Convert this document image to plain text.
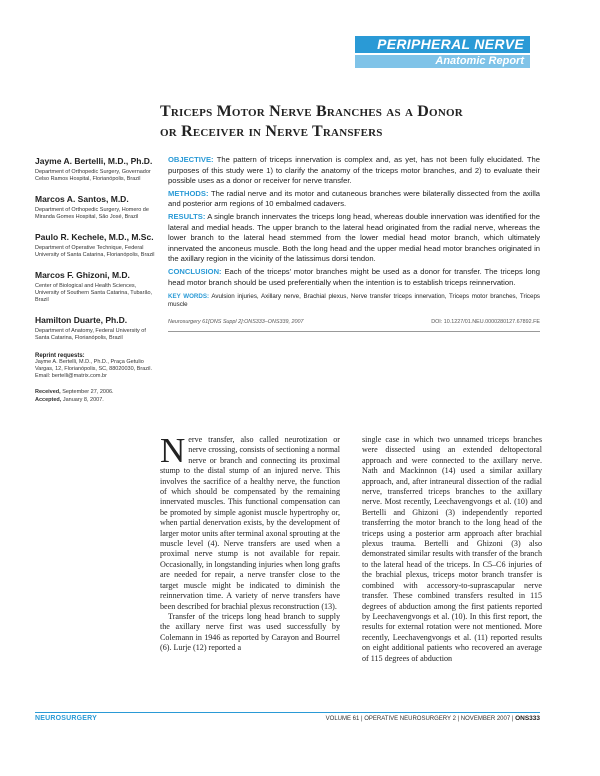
PERIPHERAL NERVE
Anatomic Report
Triceps Motor Nerve Branches as a Donor
or Receiver in Nerve Transfers
Jayme A. Bertelli, M.D., Ph.D.
Department of Orthopedic Surgery, Governador Celso Ramos Hospital, Florianópolis, Brazil
Marcos A. Santos, M.D.
Department of Orthopedic Surgery, Homero de Miranda Gomes Hospital, São José, Brazil
Paulo R. Kechele, M.D., M.Sc.
Department of Operative Technique, Federal University of Santa Catarina, Florianópolis, Brazil
Marcos F. Ghizoni, M.D.
Center of Biological and Health Sciences, University of Southern Santa Catarina, Tubarão, Brazil
Hamilton Duarte, Ph.D.
Department of Anatomy, Federal University of Santa Catarina, Florianópolis, Brazil
Reprint requests:
Jayme A. Bertelli, M.D., Ph.D., Praça Getulio Vargas, 12, Florianópolis, SC, 88020030, Brazil. Email: bertelli@matrix.com.br
Received, September 27, 2006.
Accepted, January 8, 2007.

OBJECTIVE: The pattern of triceps innervation is complex and, as yet, has not been fully elucidated. The purposes of this study were 1) to clarify the anatomy of the triceps motor branches, and 2) to evaluate their possible uses as a donor or receiver for nerve transfer.

METHODS: The radial nerve and its motor and cutaneous branches were bilaterally dissected from the axilla and posterior arm regions of 10 embalmed cadavers.

RESULTS: A single branch innervates the triceps long head, whereas double innervation was identified for the lateral and medial heads. The upper branch to the lateral head originated from the radial nerve, whereas the lower branch to the lateral head stemmed from the lower medial head motor branch, which ultimately innervated the anconeus muscle. Both the long head and the upper medial head motor branches originated in the axillary region in the vicinity of the latissimus dorsi tendon.

CONCLUSION: Each of the triceps' motor branches might be used as a donor for transfer. The triceps long head motor branch should be used preferentially when the intention is to establish triceps reinnervation.

KEY WORDS: Avulsion injuries, Axillary nerve, Brachial plexus, Nerve transfer triceps innervation, Triceps motor branches, Triceps muscle

Neurosurgery 61[ONS Suppl 2]:ONS333–ONS339, 2007	DOI: 10.1227/01.NEU.0000280127.67892.FE

Nerve transfer, also called neurotization or nerve crossing, consists of sectioning a normal nerve or branch and connecting its proximal stump to the distal stump of an injured nerve. This involves the sacrifice of a healthy nerve, the function of which should be compensated by the remaining innervated muscles. This functional compensation can be promoted by simple agonist muscle hypertrophy or, when partial denervation exists, by the development of larger motor units after terminal axonal sprouting at the muscle level (4). Nerve transfers are used when a proximal nerve stump is not available for repair. Occasionally, in longstanding injuries when long grafts are needed for repair, a nerve transfer close to the target muscle might be indicated to diminish the reinnervation time. A variety of nerve transfers have been described for brachial plexus reconstruction (13).

Transfer of the triceps long head branch to supply the axillary nerve first was used successfully by Colemann in 1946 as reported by Carayon and Bourrel (6). Lurje (12) reported a

single case in which two unnamed triceps branches were dissected using an extended deltopectoral approach and were connected to the axillary nerve. Nath and Mackinnon (14) used a similar axillary approach, and, after intraneural dissection of the radial nerve, transferred triceps branches to the axillary nerve. Most recently, Leechavengvongs et al. (10) and Bertelli and Ghizoni (3) independently reported transferring the motor branch to the long head of the triceps using a posterior arm approach after brachial plexus trauma. Bertelli and Ghizoni (3) also demonstrated similar results with transfer of the branch to the lateral head of the triceps. In C5–C6 injuries of the brachial plexus, triceps motor branch transfer is combined with accessory-to-suprascapular nerve transfer. These combined transfers resulted in 115 degrees of abduction among the first patients reported by Leechavengvongs et al. (10). In this first report, the results for external rotation were not mentioned. More recently, Leechavengvongs et al. (11) reported results on eight additional patients who recovered an average of 115 degrees of abduction

NEUROSURGERY	VOLUME 61 | OPERATIVE NEUROSURGERY 2 | NOVEMBER 2007 | ONS333
